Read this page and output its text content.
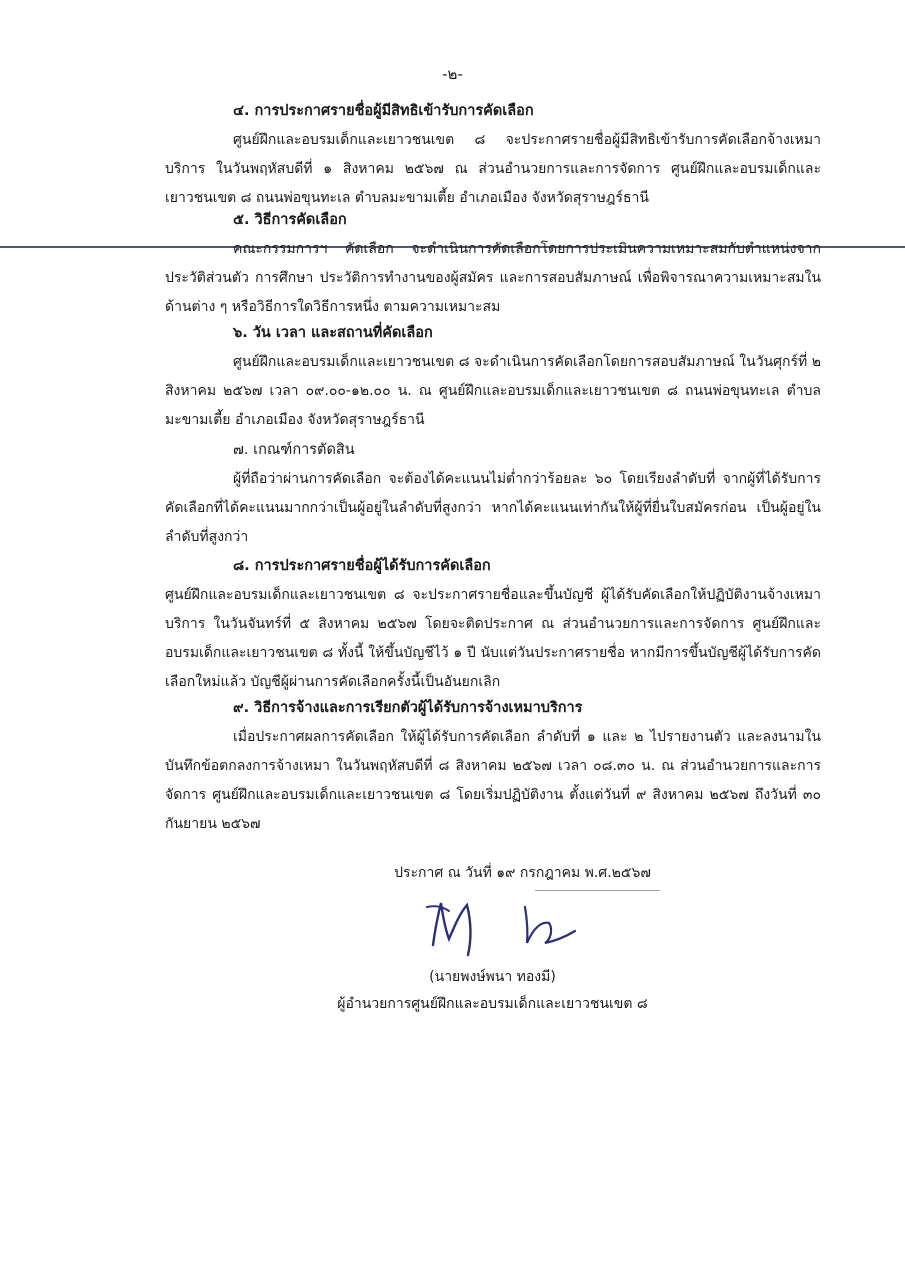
-๒-

๔. การประกาศรายชื่อผู้มีสิทธิเข้ารับการคัดเลือก

ศูนย์ฝึกและอบรมเด็กและเยาวชนเขต ๘ จะประกาศรายชื่อผู้มีสิทธิเข้ารับการคัดเลือกจ้างเหมาบริการ ในวันพฤหัสบดีที่ ๑ สิงหาคม ๒๕๖๗ ณ ส่วนอำนวยการและการจัดการ ศูนย์ฝึกและอบรมเด็กและเยาวชนเขต ๘ ถนนพ่อขุนทะเล ตำบลมะขามเตี้ย อำเภอเมือง จังหวัดสุราษฎร์ธานี

๕. วิธีการคัดเลือก

คณะกรรมการฯ คัดเลือก จะดำเนินการคัดเลือกโดยการประเมินความเหมาะสมกับตำแหน่งจากประวัติส่วนตัว การศึกษา ประวัติการทำงานของผู้สมัคร และการสอบสัมภาษณ์ เพื่อพิจารณาความเหมาะสมในด้านต่าง ๆ หรือวิธีการใดวิธีการหนึ่ง ตามความเหมาะสม

๖. วัน เวลา และสถานที่คัดเลือก

ศูนย์ฝึกและอบรมเด็กและเยาวชนเขต ๘ จะดำเนินการคัดเลือกโดยการสอบสัมภาษณ์ ในวันศุกร์ที่ ๒ สิงหาคม ๒๕๖๗ เวลา ๐๙.๐๐-๑๒.๐๐ น. ณ ศูนย์ฝึกและอบรมเด็กและเยาวชนเขต ๘ ถนนพ่อขุนทะเล ตำบลมะขามเตี้ย อำเภอเมือง จังหวัดสุราษฎร์ธานี

๗. เกณฑ์การตัดสิน

ผู้ที่ถือว่าผ่านการคัดเลือก จะต้องได้คะแนนไม่ต่ำกว่าร้อยละ ๖๐ โดยเรียงลำดับที่ จากผู้ที่ได้รับการคัดเลือกที่ได้คะแนนมากกว่าเป็นผู้อยู่ในลำดับที่สูงกว่า หากได้คะแนนเท่ากันให้ผู้ที่ยื่นใบสมัครก่อน เป็นผู้อยู่ในลำดับที่สูงกว่า

๘. การประกาศรายชื่อผู้ได้รับการคัดเลือก

ศูนย์ฝึกและอบรมเด็กและเยาวชนเขต ๘ จะประกาศรายชื่อและขึ้นบัญชี ผู้ได้รับคัดเลือกให้ปฏิบัติงานจ้างเหมาบริการ ในวันจันทร์ที่ ๕ สิงหาคม ๒๕๖๗ โดยจะติดประกาศ ณ ส่วนอำนวยการและการจัดการ ศูนย์ฝึกและอบรมเด็กและเยาวชนเขต ๘ ทั้งนี้ ให้ขึ้นบัญชีไว้ ๑ ปี นับแต่วันประกาศรายชื่อ หากมีการขึ้นบัญชีผู้ได้รับการคัดเลือกใหม่แล้ว บัญชีผู้ผ่านการคัดเลือกครั้งนี้เป็นอันยกเลิก

๙. วิธีการจ้างและการเรียกตัวผู้ได้รับการจ้างเหมาบริการ

เมื่อประกาศผลการคัดเลือก ให้ผู้ได้รับการคัดเลือก ลำดับที่ ๑ และ ๒ ไปรายงานตัว และลงนามในบันทึกข้อตกลงการจ้างเหมา ในวันพฤหัสบดีที่ ๘ สิงหาคม ๒๕๖๗ เวลา ๐๘.๓๐ น. ณ ส่วนอำนวยการและการจัดการ ศูนย์ฝึกและอบรมเด็กและเยาวชนเขต ๘ โดยเริ่มปฏิบัติงาน ตั้งแต่วันที่ ๙ สิงหาคม ๒๕๖๗ ถึงวันที่ ๓๐ กันยายน ๒๕๖๗

ประกาศ ณ วันที่ ๑๙ กรกฎาคม พ.ศ.๒๕๖๗
(นายพงษ์พนา ทองมี)
ผู้อำนวยการศูนย์ฝึกและอบรมเด็กและเยาวชนเขต ๘
